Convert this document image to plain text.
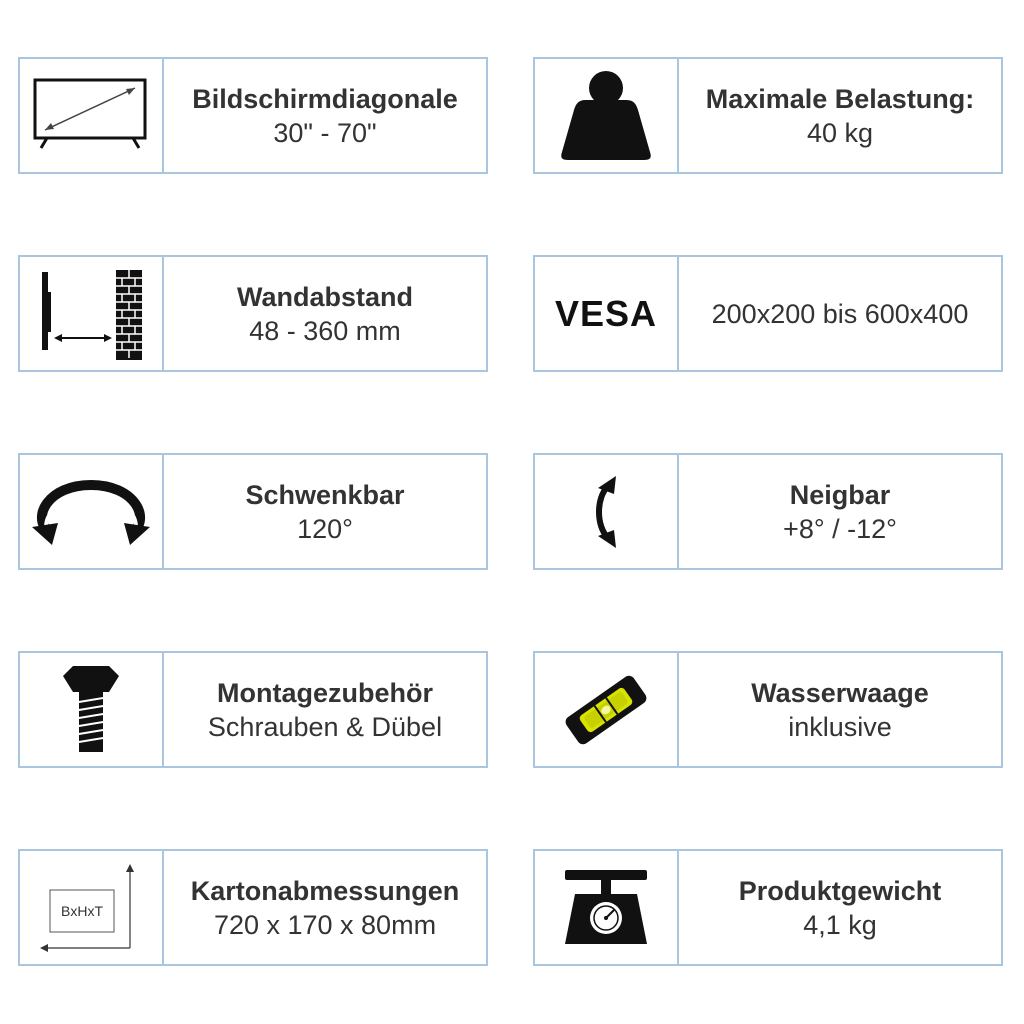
Bildschirmdiagonale
30" - 70"
Maximale Belastung:
40 kg
Wandabstand
48 - 360 mm	VESA 200x200 bis 600x400
Schwenkbar
120°
Neigbar
+8° / -12°
Montagezubehör
Schrauben & Dübel
Wasserwaage
inklusive
BxHxT
Kartonabmessungen
720 x 170 x 80mm
Produktgewicht
4,1 kg
